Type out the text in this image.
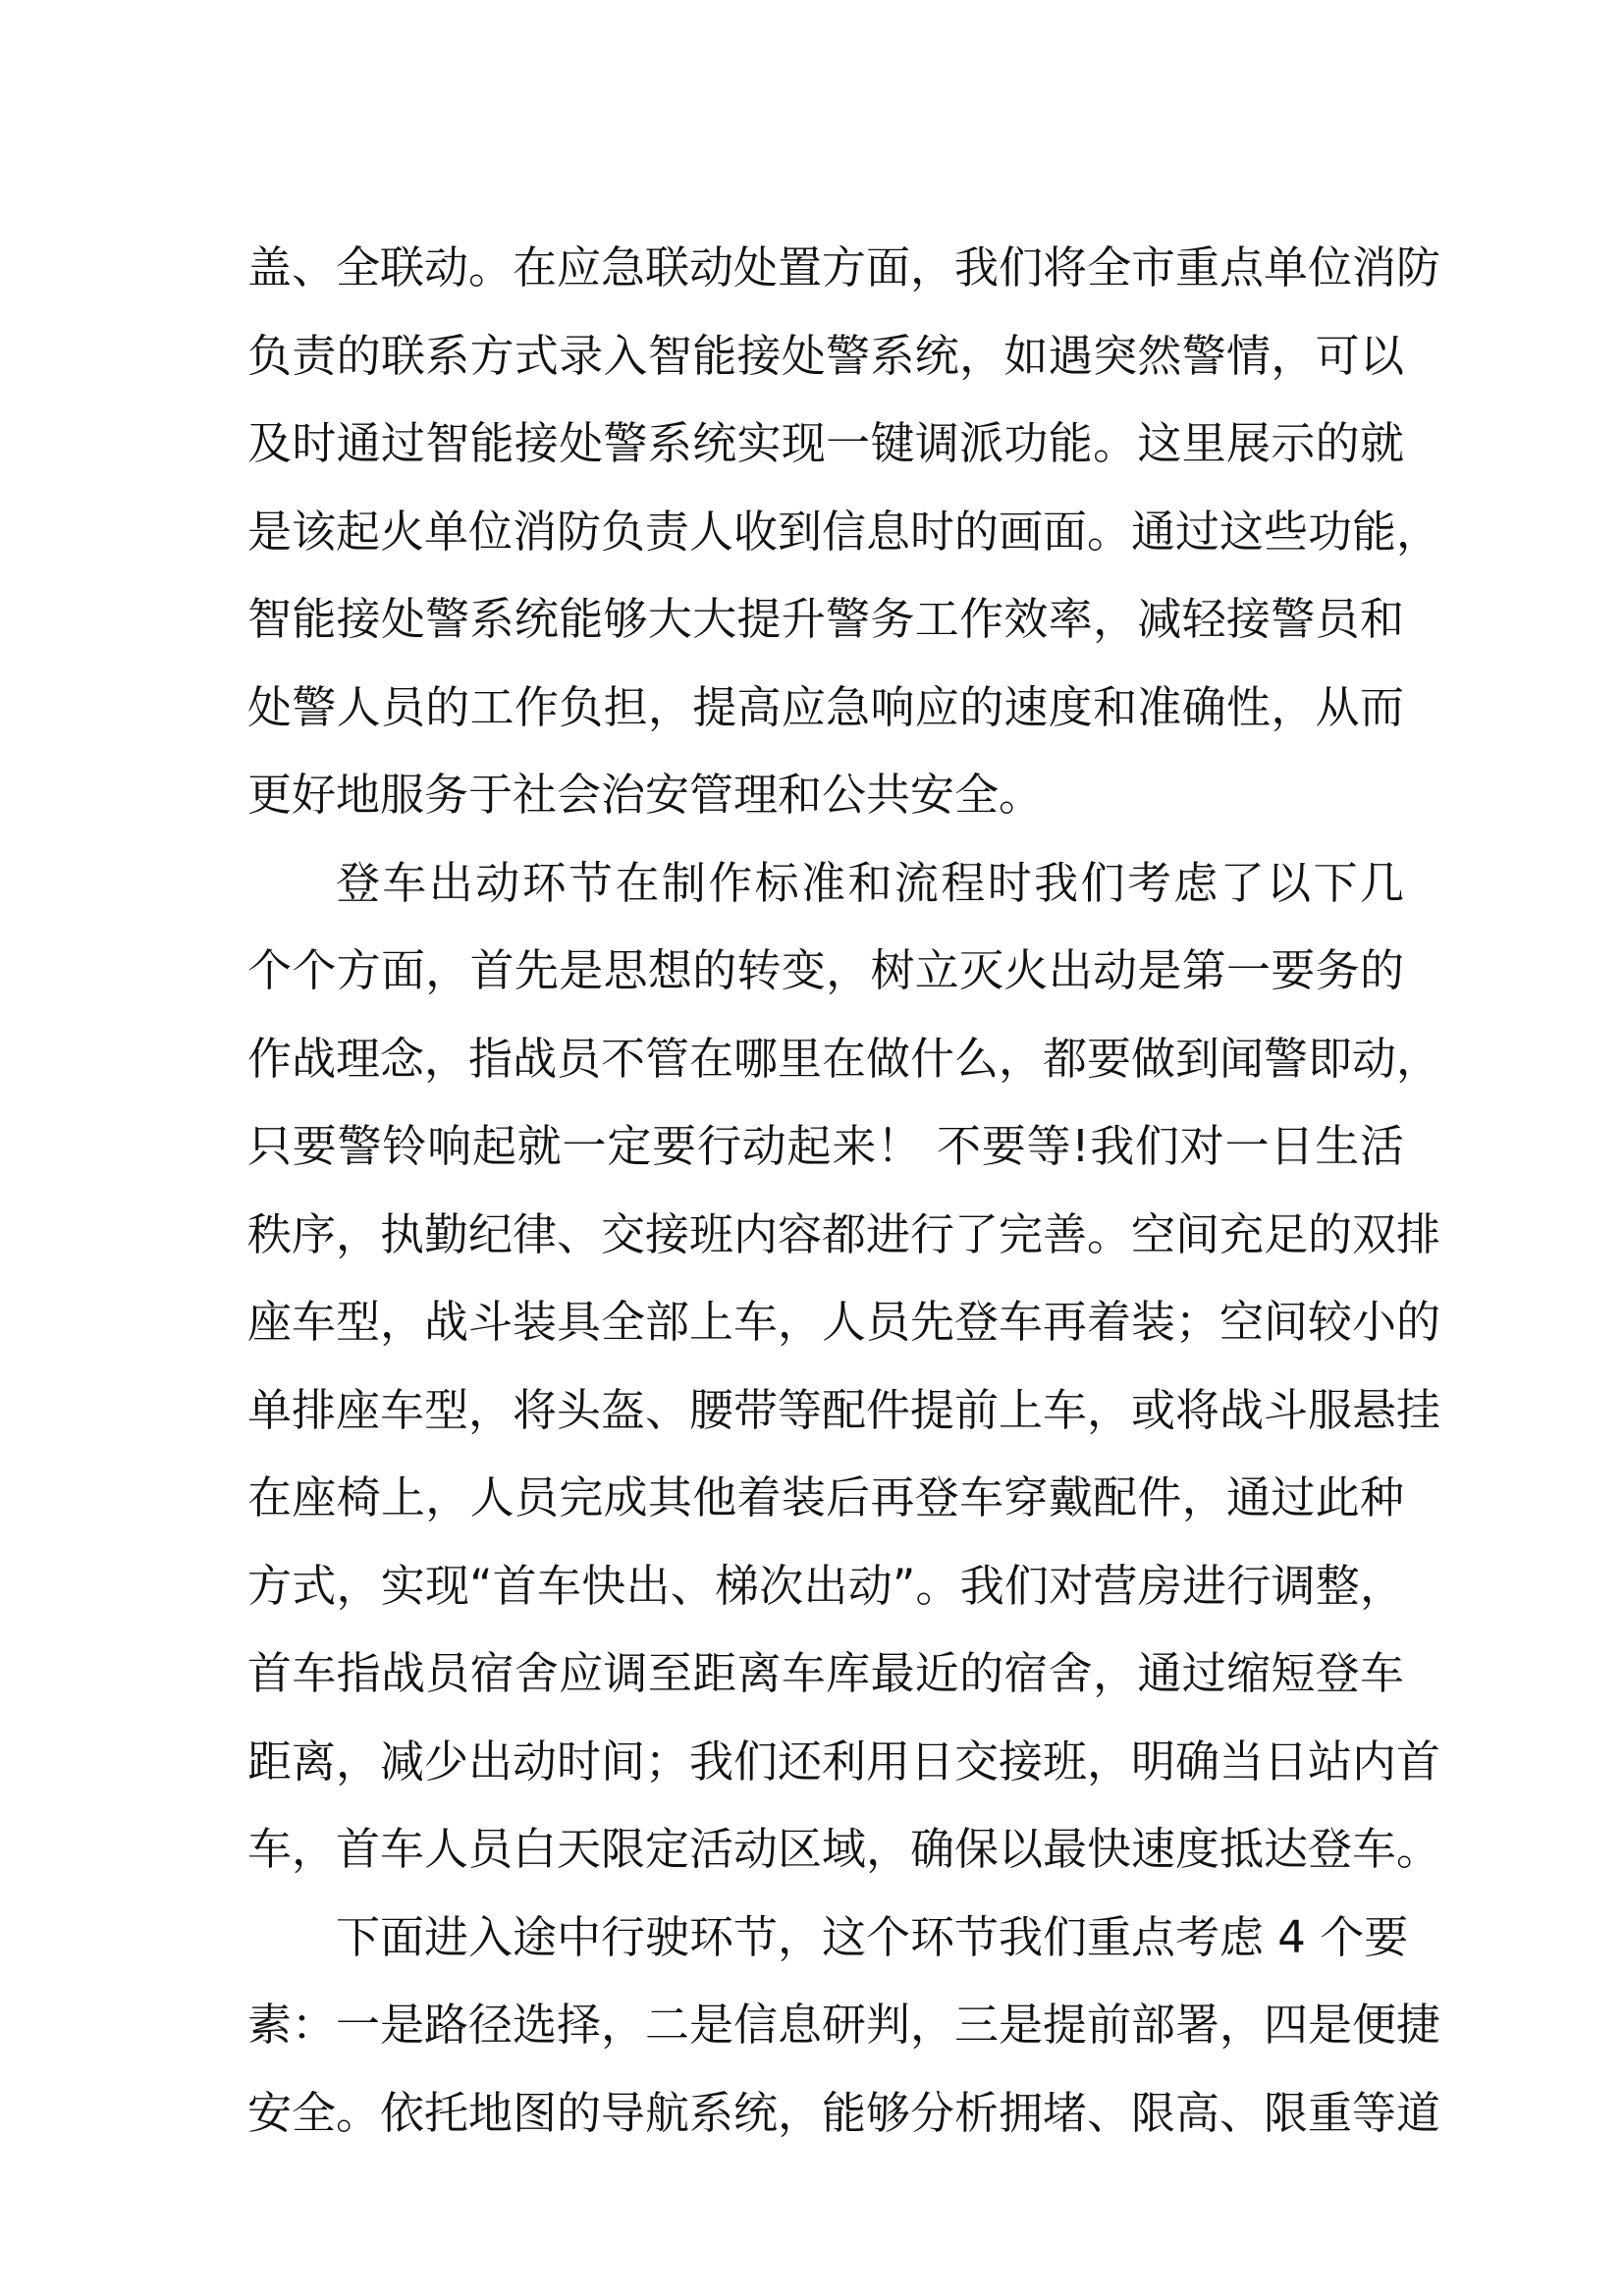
盖、全联动。在应急联动处置方面，我们将全市重点单位消防
负责的联系方式录入智能接处警系统，如遇突然警情，可以
及时通过智能接处警系统实现一键调派功能。这里展示的就
是该起火单位消防负责人收到信息时的画面。通过这些功能，
智能接处警系统能够大大提升警务工作效率，减轻接警员和
处警人员的工作负担，提高应急响应的速度和准确性，从而
更好地服务于社会治安管理和公共安全。
登车出动环节在制作标准和流程时我们考虑了以下几
个个方面，首先是思想的转变，树立灭火出动是第一要务的
作战理念，指战员不管在哪里在做什么，都要做到闻警即动，
只要警铃响起就一定要行动起来！ 不要等!我们对一日生活
秩序，执勤纪律、交接班内容都进行了完善。空间充足的双排
座车型，战斗装具全部上车，人员先登车再着装；空间较小的
单排座车型，将头盔、腰带等配件提前上车，或将战斗服悬挂
在座椅上，人员完成其他着装后再登车穿戴配件，通过此种
方式，实现“首车快出、梯次出动”。我们对营房进行调整，
首车指战员宿舍应调至距离车库最近的宿舍，通过缩短登车
距离，减少出动时间；我们还利用日交接班，明确当日站内首
车，首车人员白天限定活动区域，确保以最快速度抵达登车。
下面进入途中行驶环节，这个环节我们重点考虑 4 个要
素：一是路径选择，二是信息研判，三是提前部署，四是便捷
安全。依托地图的导航系统，能够分析拥堵、限高、限重等道
